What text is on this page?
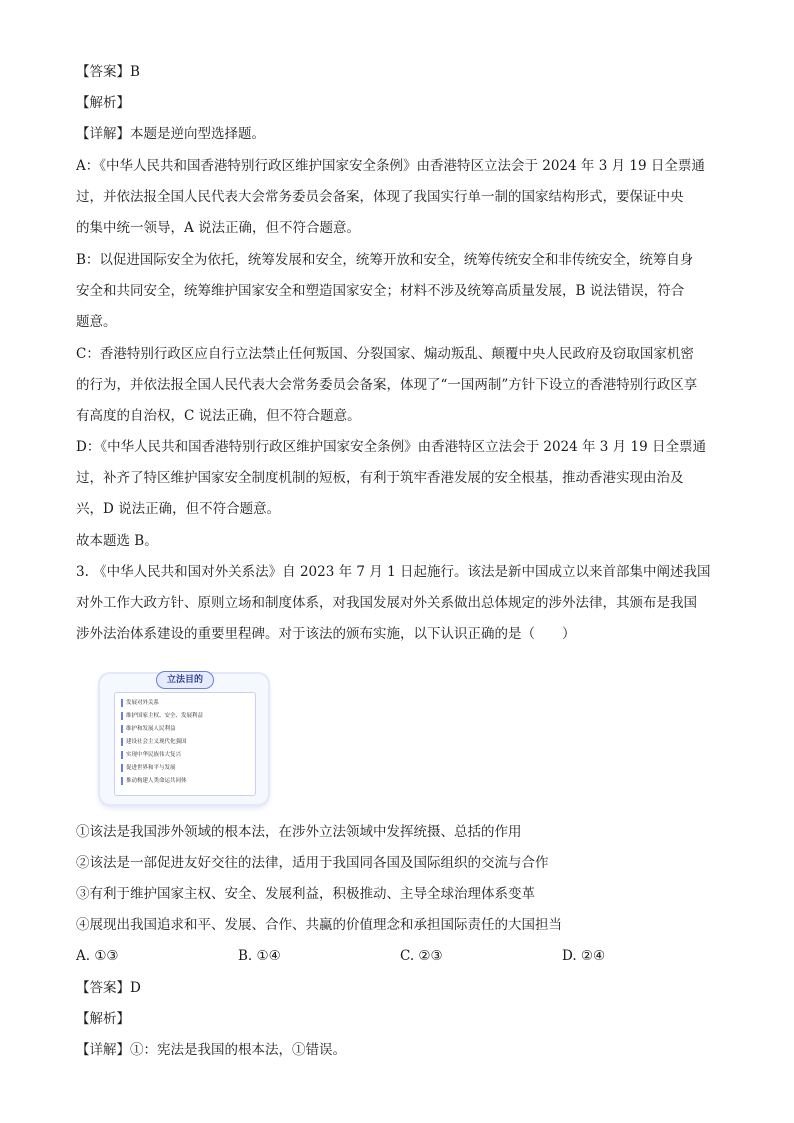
【答案】B
【解析】
【详解】本题是逆向型选择题。
A：《中华人民共和国香港特别行政区维护国家安全条例》由香港特区立法会于 2024 年 3 月 19 日全票通
过，并依法报全国人民代表大会常务委员会备案，体现了我国实行单一制的国家结构形式，要保证中央
的集中统一领导，A 说法正确，但不符合题意。
B：以促进国际安全为依托，统筹发展和安全，统筹开放和安全，统筹传统安全和非传统安全，统筹自身
安全和共同安全，统筹维护国家安全和塑造国家安全；材料不涉及统筹高质量发展，B 说法错误，符合
题意。
C：香港特别行政区应自行立法禁止任何叛国、分裂国家、煽动叛乱、颠覆中央人民政府及窃取国家机密
的行为，并依法报全国人民代表大会常务委员会备案，体现了“一国两制”方针下设立的香港特别行政区享
有高度的自治权，C 说法正确，但不符合题意。
D：《中华人民共和国香港特别行政区维护国家安全条例》由香港特区立法会于 2024 年 3 月 19 日全票通
过，补齐了特区维护国家安全制度机制的短板，有利于筑牢香港发展的安全根基，推动香港实现由治及
兴，D 说法正确，但不符合题意。
故本题选 B。
3. 《中华人民共和国对外关系法》自 2023 年 7 月 1 日起施行。该法是新中国成立以来首部集中阐述我国
对外工作大政方针、原则立场和制度体系，对我国发展对外关系做出总体规定的涉外法律，其颁布是我国
涉外法治体系建设的重要里程碑。对于该法的颁布实施，以下认识正确的是（　　）
立法目的
发展对外关系
维护国家主权、安全、发展利益
维护和发展人民利益
建设社会主义现代化强国
实现中华民族伟大复兴
促进世界和平与发展
推动构建人类命运共同体
①该法是我国涉外领域的根本法，在涉外立法领域中发挥统摄、总括的作用
②该法是一部促进友好交往的法律，适用于我国同各国及国际组织的交流与合作
③有利于维护国家主权、安全、发展利益，积极推动、主导全球治理体系变革
④展现出我国追求和平、发展、合作、共赢的价值理念和承担国际责任的大国担当
A. ①③	B. ①④	C. ②③	D. ②④
【答案】D
【解析】
【详解】①：宪法是我国的根本法，①错误。
